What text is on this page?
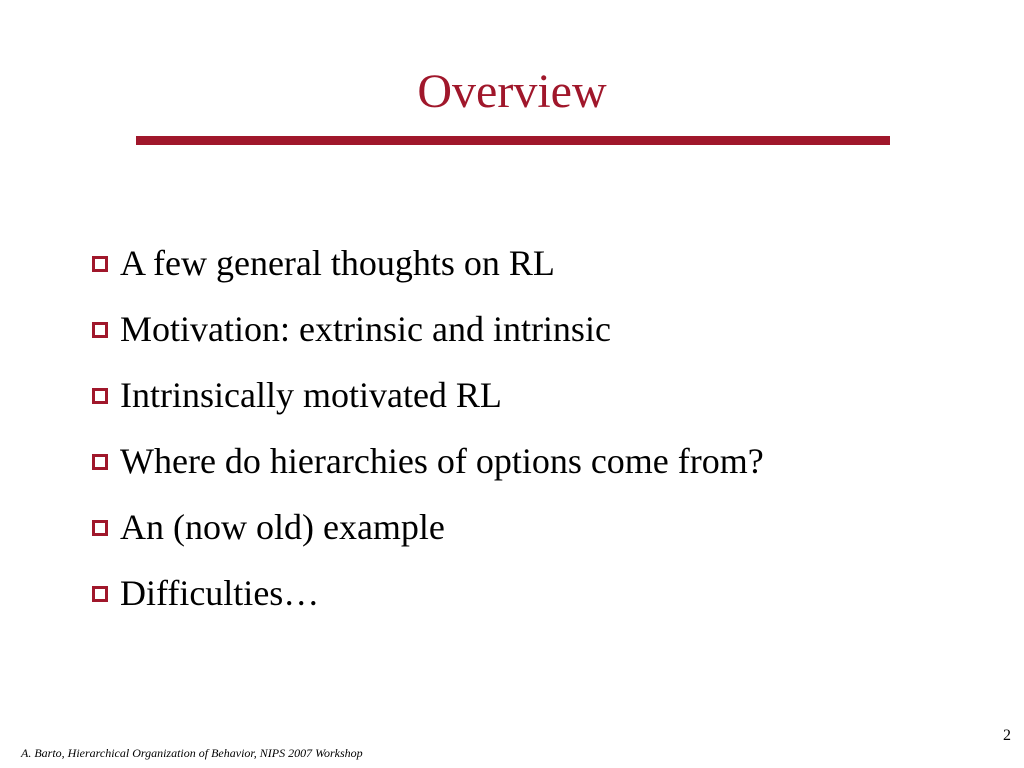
Overview
A few general thoughts on RL
Motivation: extrinsic and intrinsic
Intrinsically motivated RL
Where do hierarchies of options come from?
An (now old) example
Difficulties…
A. Barto, Hierarchical Organization of Behavior, NIPS 2007 Workshop
2
